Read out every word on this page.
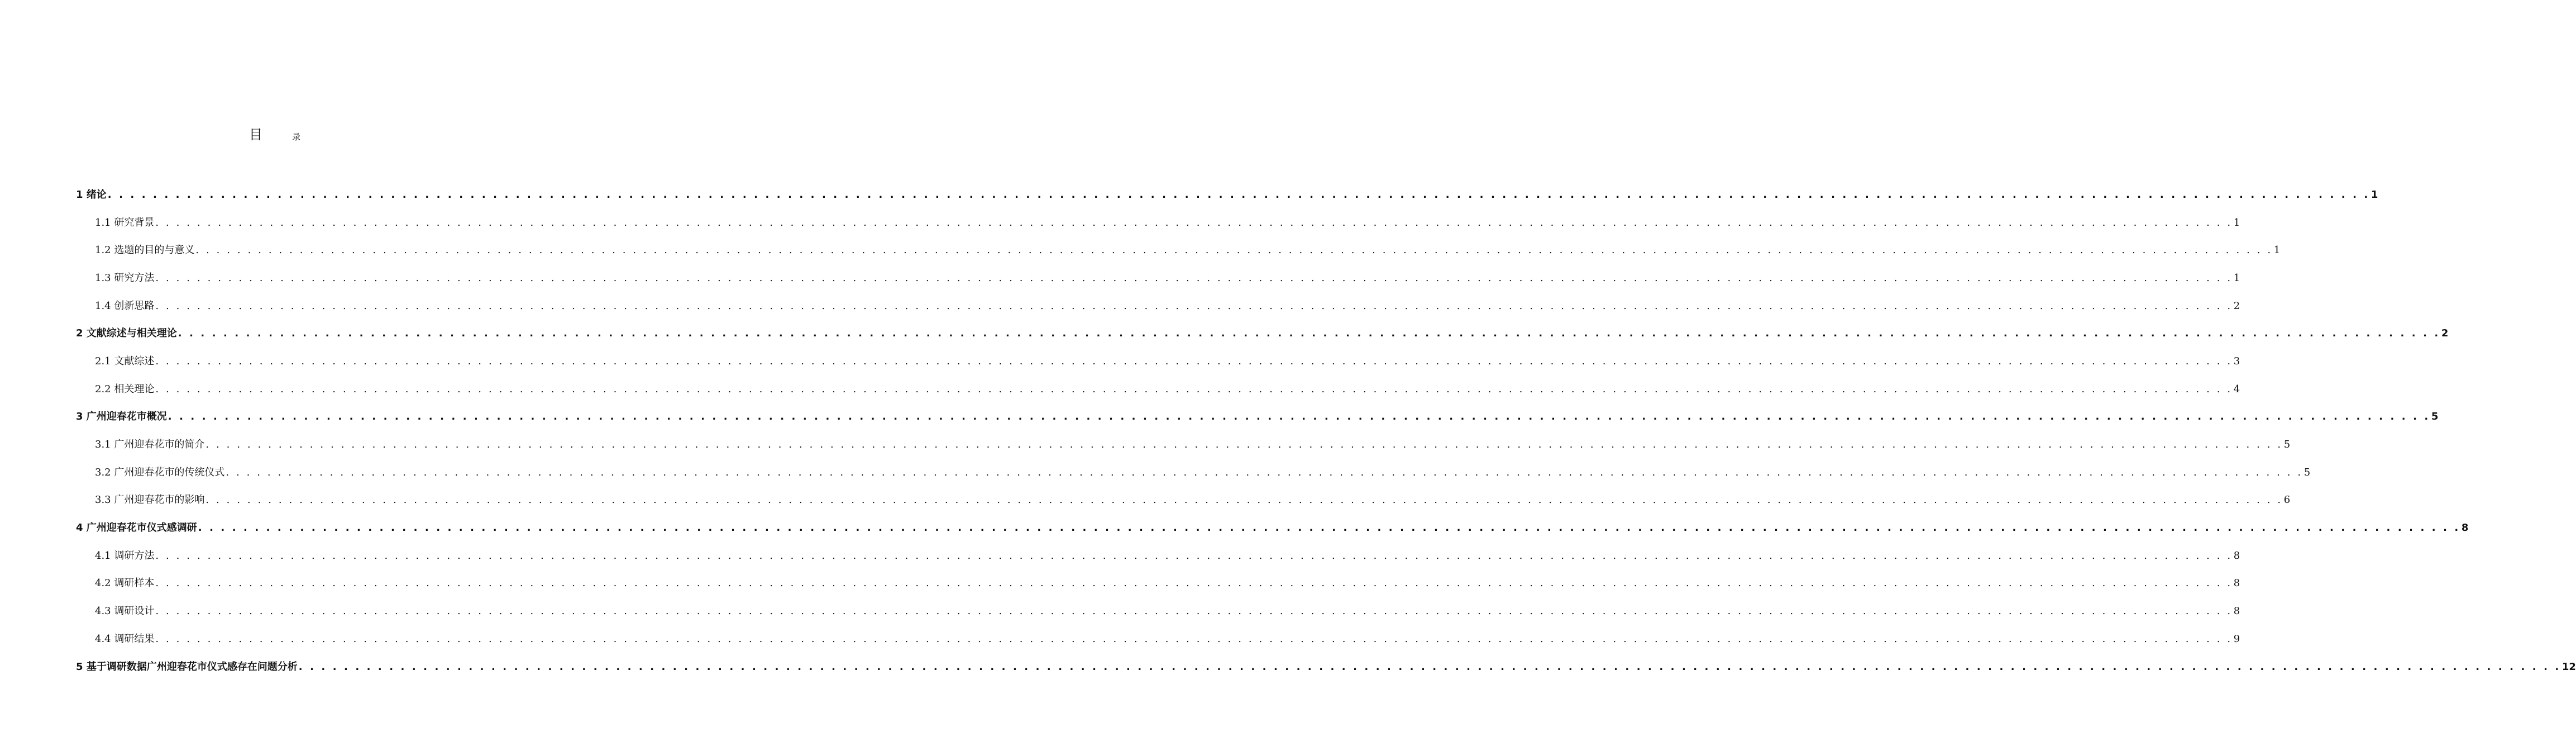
目	录
1 绪论 . . . . . . . . . . . . . . . . . . . . . . . . . . . . . . . . . . . . . . . . . . . . . . . . . . . . . . . . . . . . . . . . . . . . . . . . . . . . . . . . . . . . . . . . . . . . . . . . . . . . . . . . . . . . . . . . . . . . . . . . . . . . . . . . . . . . . . . . . . . . . . . . . . . . . . . . . . . . . . . . . . . . . . . . . . . . . . . . . . . . . . . . . . . . . . . . . . . . . . . . 1
1.1 研究背景 . . . . . . . . . . . . . . . . . . . . . . . . . . . . . . . . . . . . . . . . . . . . . . . . . . . . . . . . . . . . . . . . . . . . . . . . . . . . . . . . . . . . . . . . . . . . . . . . . . . . . . . . . . . . . . . . . . . . . . . . . . . . . . . . . . . . . . . . . . . . . . . . . . . . . . . . . . . . . . . . . . . . . . . . . . . . . . . . . . . . . . . . . . . . . . . . . . . . . . . . 1
1.2 选题的目的与意义 . . . . . . . . . . . . . . . . . . . . . . . . . . . . . . . . . . . . . . . . . . . . . . . . . . . . . . . . . . . . . . . . . . . . . . . . . . . . . . . . . . . . . . . . . . . . . . . . . . . . . . . . . . . . . . . . . . . . . . . . . . . . . . . . . . . . . . . . . . . . . . . . . . . . . . . . . . . . . . . . . . . . . . . . . . . . . . . . . . . . . . . . . . . . . . . . . . . . . . . . 1
1.3 研究方法 . . . . . . . . . . . . . . . . . . . . . . . . . . . . . . . . . . . . . . . . . . . . . . . . . . . . . . . . . . . . . . . . . . . . . . . . . . . . . . . . . . . . . . . . . . . . . . . . . . . . . . . . . . . . . . . . . . . . . . . . . . . . . . . . . . . . . . . . . . . . . . . . . . . . . . . . . . . . . . . . . . . . . . . . . . . . . . . . . . . . . . . . . . . . . . . . . . . . . . . . 1
1.4 创新思路 . . . . . . . . . . . . . . . . . . . . . . . . . . . . . . . . . . . . . . . . . . . . . . . . . . . . . . . . . . . . . . . . . . . . . . . . . . . . . . . . . . . . . . . . . . . . . . . . . . . . . . . . . . . . . . . . . . . . . . . . . . . . . . . . . . . . . . . . . . . . . . . . . . . . . . . . . . . . . . . . . . . . . . . . . . . . . . . . . . . . . . . . . . . . . . . . . . . . . . . . 2
2 文献综述与相关理论 . . . . . . . . . . . . . . . . . . . . . . . . . . . . . . . . . . . . . . . . . . . . . . . . . . . . . . . . . . . . . . . . . . . . . . . . . . . . . . . . . . . . . . . . . . . . . . . . . . . . . . . . . . . . . . . . . . . . . . . . . . . . . . . . . . . . . . . . . . . . . . . . . . . . . . . . . . . . . . . . . . . . . . . . . . . . . . . . . . . . . . . . . . . . . . . . . . . . . . . . 2
2.1 文献综述 . . . . . . . . . . . . . . . . . . . . . . . . . . . . . . . . . . . . . . . . . . . . . . . . . . . . . . . . . . . . . . . . . . . . . . . . . . . . . . . . . . . . . . . . . . . . . . . . . . . . . . . . . . . . . . . . . . . . . . . . . . . . . . . . . . . . . . . . . . . . . . . . . . . . . . . . . . . . . . . . . . . . . . . . . . . . . . . . . . . . . . . . . . . . . . . . . . . . . . . . 3
2.2 相关理论 . . . . . . . . . . . . . . . . . . . . . . . . . . . . . . . . . . . . . . . . . . . . . . . . . . . . . . . . . . . . . . . . . . . . . . . . . . . . . . . . . . . . . . . . . . . . . . . . . . . . . . . . . . . . . . . . . . . . . . . . . . . . . . . . . . . . . . . . . . . . . . . . . . . . . . . . . . . . . . . . . . . . . . . . . . . . . . . . . . . . . . . . . . . . . . . . . . . . . . . . 4
3 广州迎春花市概况 . . . . . . . . . . . . . . . . . . . . . . . . . . . . . . . . . . . . . . . . . . . . . . . . . . . . . . . . . . . . . . . . . . . . . . . . . . . . . . . . . . . . . . . . . . . . . . . . . . . . . . . . . . . . . . . . . . . . . . . . . . . . . . . . . . . . . . . . . . . . . . . . . . . . . . . . . . . . . . . . . . . . . . . . . . . . . . . . . . . . . . . . . . . . . . . . . . . . . . . . 5
3.1 广州迎春花市的简介 . . . . . . . . . . . . . . . . . . . . . . . . . . . . . . . . . . . . . . . . . . . . . . . . . . . . . . . . . . . . . . . . . . . . . . . . . . . . . . . . . . . . . . . . . . . . . . . . . . . . . . . . . . . . . . . . . . . . . . . . . . . . . . . . . . . . . . . . . . . . . . . . . . . . . . . . . . . . . . . . . . . . . . . . . . . . . . . . . . . . . . . . . . . . . . . . . . . . . . . . 5
3.2 广州迎春花市的传统仪式 . . . . . . . . . . . . . . . . . . . . . . . . . . . . . . . . . . . . . . . . . . . . . . . . . . . . . . . . . . . . . . . . . . . . . . . . . . . . . . . . . . . . . . . . . . . . . . . . . . . . . . . . . . . . . . . . . . . . . . . . . . . . . . . . . . . . . . . . . . . . . . . . . . . . . . . . . . . . . . . . . . . . . . . . . . . . . . . . . . . . . . . . . . . . . . . . . . . . . . . . 5
3.3 广州迎春花市的影响 . . . . . . . . . . . . . . . . . . . . . . . . . . . . . . . . . . . . . . . . . . . . . . . . . . . . . . . . . . . . . . . . . . . . . . . . . . . . . . . . . . . . . . . . . . . . . . . . . . . . . . . . . . . . . . . . . . . . . . . . . . . . . . . . . . . . . . . . . . . . . . . . . . . . . . . . . . . . . . . . . . . . . . . . . . . . . . . . . . . . . . . . . . . . . . . . . . . . . . . . 6
4 广州迎春花市仪式感调研 . . . . . . . . . . . . . . . . . . . . . . . . . . . . . . . . . . . . . . . . . . . . . . . . . . . . . . . . . . . . . . . . . . . . . . . . . . . . . . . . . . . . . . . . . . . . . . . . . . . . . . . . . . . . . . . . . . . . . . . . . . . . . . . . . . . . . . . . . . . . . . . . . . . . . . . . . . . . . . . . . . . . . . . . . . . . . . . . . . . . . . . . . . . . . . . . . . . . . . . . 8
4.1 调研方法 . . . . . . . . . . . . . . . . . . . . . . . . . . . . . . . . . . . . . . . . . . . . . . . . . . . . . . . . . . . . . . . . . . . . . . . . . . . . . . . . . . . . . . . . . . . . . . . . . . . . . . . . . . . . . . . . . . . . . . . . . . . . . . . . . . . . . . . . . . . . . . . . . . . . . . . . . . . . . . . . . . . . . . . . . . . . . . . . . . . . . . . . . . . . . . . . . . . . . . . . 8
4.2 调研样本 . . . . . . . . . . . . . . . . . . . . . . . . . . . . . . . . . . . . . . . . . . . . . . . . . . . . . . . . . . . . . . . . . . . . . . . . . . . . . . . . . . . . . . . . . . . . . . . . . . . . . . . . . . . . . . . . . . . . . . . . . . . . . . . . . . . . . . . . . . . . . . . . . . . . . . . . . . . . . . . . . . . . . . . . . . . . . . . . . . . . . . . . . . . . . . . . . . . . . . . . 8
4.3 调研设计 . . . . . . . . . . . . . . . . . . . . . . . . . . . . . . . . . . . . . . . . . . . . . . . . . . . . . . . . . . . . . . . . . . . . . . . . . . . . . . . . . . . . . . . . . . . . . . . . . . . . . . . . . . . . . . . . . . . . . . . . . . . . . . . . . . . . . . . . . . . . . . . . . . . . . . . . . . . . . . . . . . . . . . . . . . . . . . . . . . . . . . . . . . . . . . . . . . . . . . . . 8
4.4 调研结果 . . . . . . . . . . . . . . . . . . . . . . . . . . . . . . . . . . . . . . . . . . . . . . . . . . . . . . . . . . . . . . . . . . . . . . . . . . . . . . . . . . . . . . . . . . . . . . . . . . . . . . . . . . . . . . . . . . . . . . . . . . . . . . . . . . . . . . . . . . . . . . . . . . . . . . . . . . . . . . . . . . . . . . . . . . . . . . . . . . . . . . . . . . . . . . . . . . . . . . . . 9
5 基于调研数据广州迎春花市仪式感存在问题分析 . . . . . . . . . . . . . . . . . . . . . . . . . . . . . . . . . . . . . . . . . . . . . . . . . . . . . . . . . . . . . . . . . . . . . . . . . . . . . . . . . . . . . . . . . . . . . . . . . . . . . . . . . . . . . . . . . . . . . . . . . . . . . . . . . . . . . . . . . . . . . . . . . . . . . . . . . . . . . . . . . . . . . . . . . . . . . . . . . . . . . . . . . . . . . . . . . . . . . . . . 12
